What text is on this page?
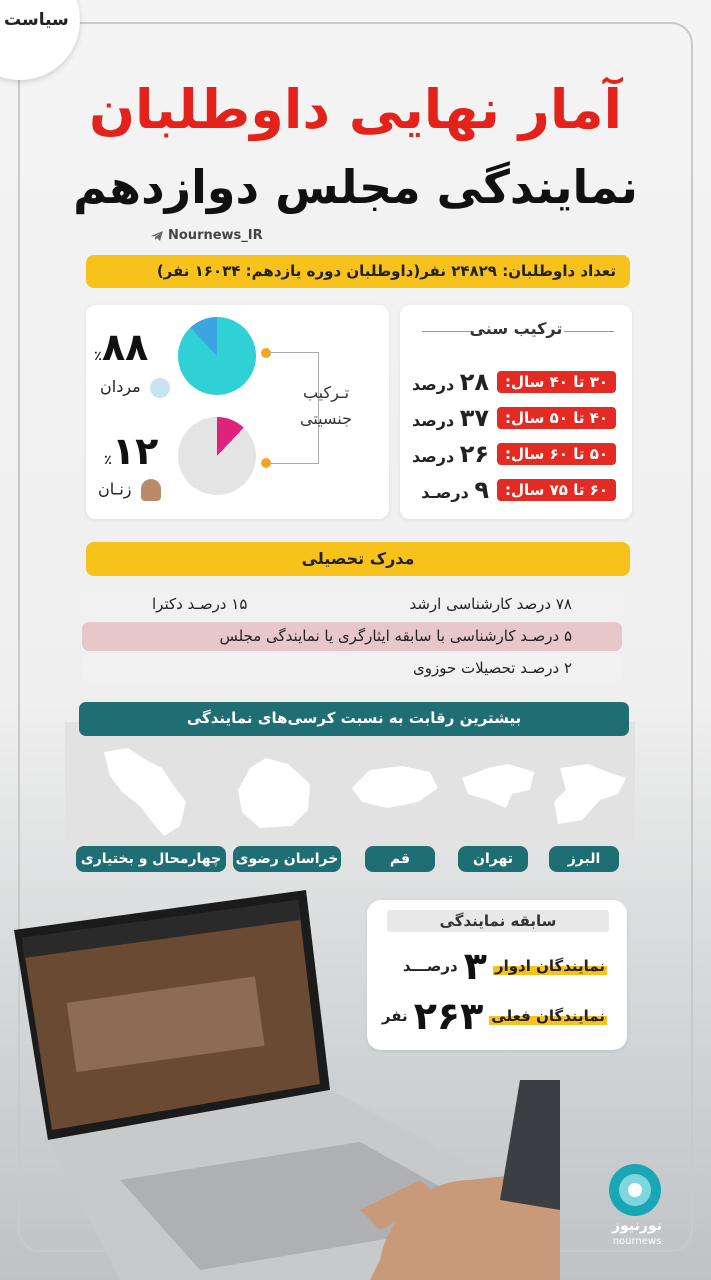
سیاست
آمار نهایی داوطلبان
نمایندگی مجلس دوازدهم
Nournews_IR
تعداد داوطلبان: ۲۴۸۲۹ نفر(داوطلبان دوره یازدهم: ۱۶۰۳۴ نفر)
تـرکیب
جنسیتی
٪۸۸
مردان
٪۱۲
زنـان
ترکیب سنی
۳۰ تا ۴۰ سال:
۲۸ درصد
۴۰ تا ۵۰ سال:
۳۷ درصد
۵۰ تا ۶۰ سال:
۲۶ درصد
۶۰ تا ۷۵ سال:
۹ درصـد
مدرک تحصیلی
۷۸ درصد کارشناسی ارشد
۱۵ درصـد دکترا
۵ درصـد کارشناسی با سابقه ایثارگری یا نمایندگی مجلس
۲ درصـد تحصیلات حوزوی
بیشترین رقابت به نسبت کرسی‌های نمایندگی
البرز
تهران
قم
خراسان رضوی
چهارمحال و بختیاری
سابقه نمایندگی
نمایندگان ادوار
۳
درصـــد
نمایندگان فعلی
۲۶۳
نفر
نورنیوز
nournews
